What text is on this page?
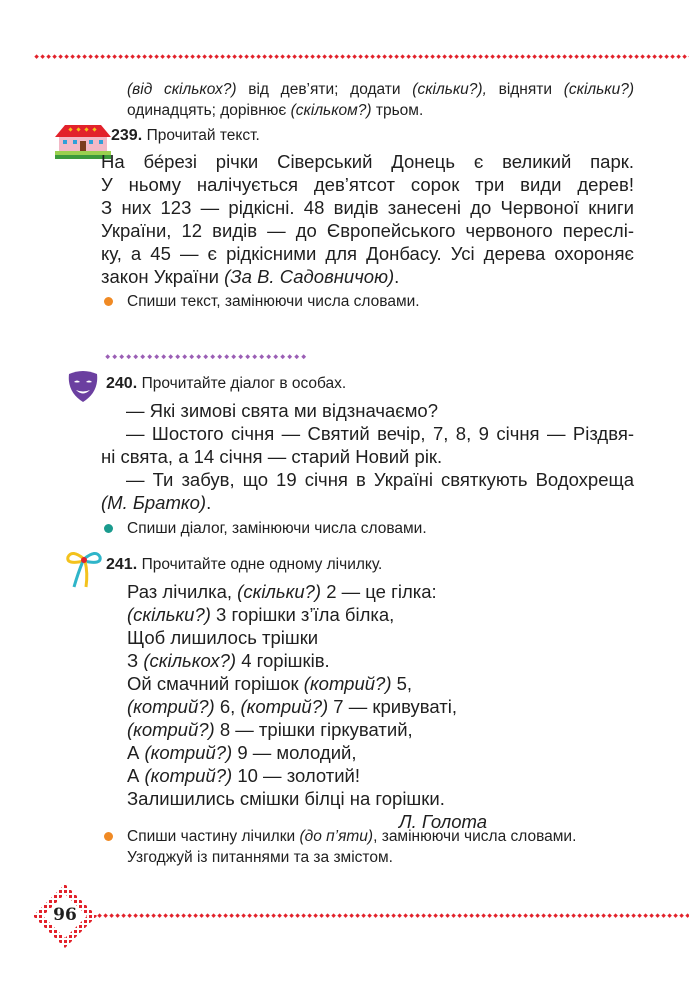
(від скількох?) від дев’яти; додати (скільки?), відняти (скільки?)
одинадцять; дорівнює (скільком?) трьом.
239. Прочитай текст.
На бе́резі річки Сіверський Донець є великий парк.
У ньому налічується дев’ятсот сорок три види дерев!
З них 123 — рідкісні. 48 видів занесені до Червоної книги
України, 12 видів — до Європейського червоного переслі-
ку, а 45 — є рідкісними для Донбасу. Усі дерева охороняє
закон України (За В. Садовничою).
Спиши текст, замінюючи числа словами.
240. Прочитайте діалог в особах.
— Які зимові свята ми відзначаємо?
— Шостого січня — Святий вечір, 7, 8, 9 січня — Різдвя-
ні свята, а 14 січня — старий Новий рік.
— Ти забув, що 19 січня в Україні святкують Водохреща
(М. Братко).
Спиши діалог, замінюючи числа словами.
241. Прочитайте одне одному лічилку.
Раз лічилка, (скільки?) 2 — це гілка:
(скільки?) 3 горішки з’їла білка,
Щоб лишилось трішки
З (скількох?) 4 горішків.
Ой смачний горішок (котрий?) 5,
(котрий?) 6, (котрий?) 7 — кривуваті,
(котрий?) 8 — трішки гіркуватий,
А (котрий?) 9 — молодий,
А (котрий?) 10 — золотий!
Залишились смішки білці на горішки.
Л. Голота
Спиши частину лічилки (до п’яти), замінюючи числа словами.
Узгоджуй із питаннями та за змістом.
96
